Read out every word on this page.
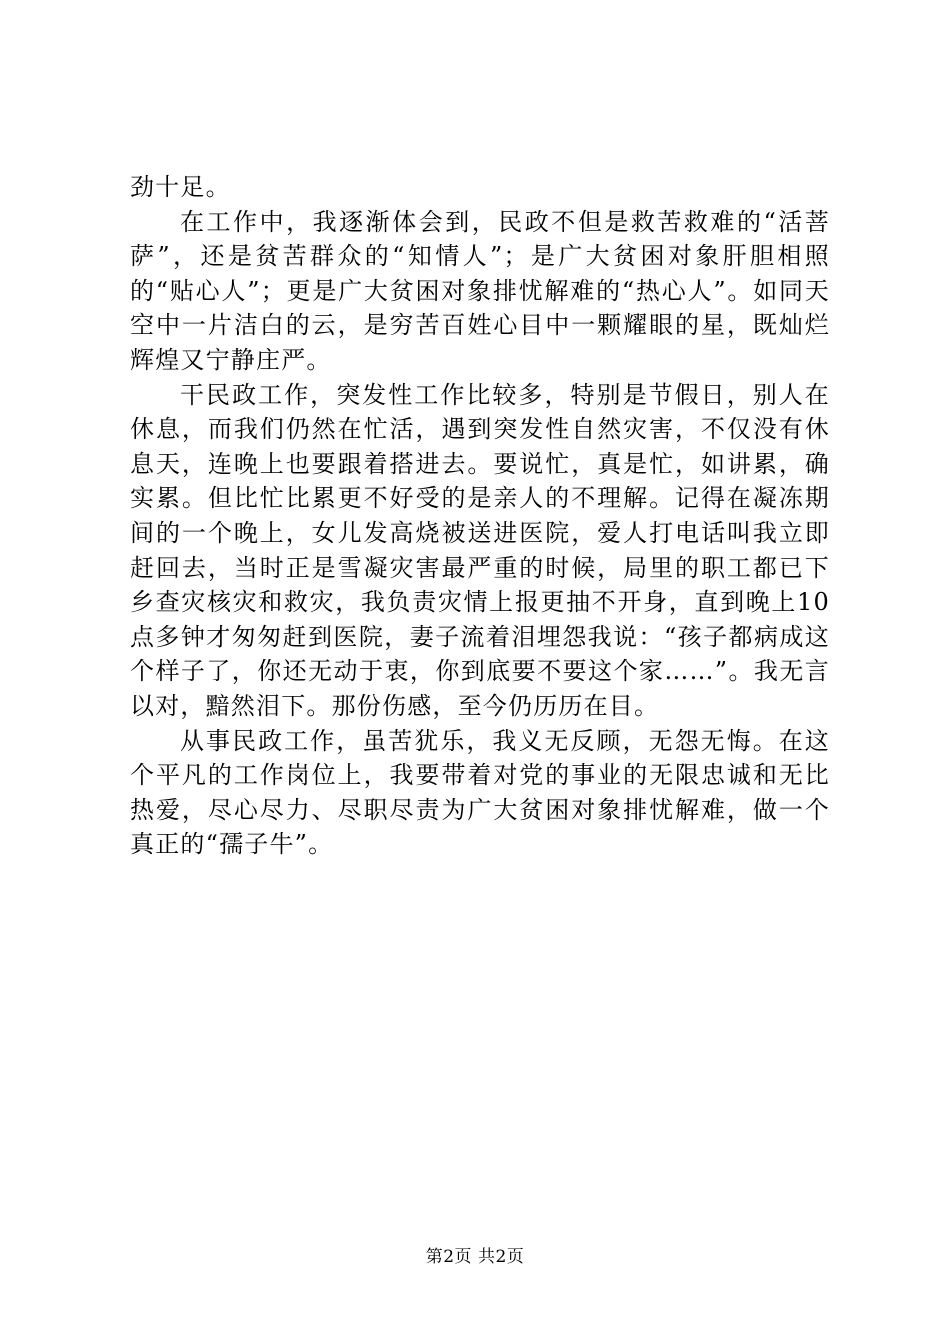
劲十足。

在工作中，我逐渐体会到，民政不但是救苦救难的“活菩萨”，还是贫苦群众的“知情人”；是广大贫困对象肝胆相照的“贴心人”；更是广大贫困对象排忧解难的“热心人”。如同天空中一片洁白的云，是穷苦百姓心目中一颗耀眼的星，既灿烂辉煌又宁静庄严。

干民政工作，突发性工作比较多，特别是节假日，别人在休息，而我们仍然在忙活，遇到突发性自然灾害，不仅没有休息天，连晚上也要跟着搭进去。要说忙，真是忙，如讲累，确实累。但比忙比累更不好受的是亲人的不理解。记得在凝冻期间的一个晚上，女儿发高烧被送进医院，爱人打电话叫我立即赶回去，当时正是雪凝灾害最严重的时候，局里的职工都已下乡查灾核灾和救灾，我负责灾情上报更抽不开身，直到晚上10点多钟才匆匆赶到医院，妻子流着泪埋怨我说：“孩子都病成这个样子了，你还无动于衷，你到底要不要这个家……”。我无言以对，黯然泪下。那份伤感，至今仍历历在目。

从事民政工作，虽苦犹乐，我义无反顾，无怨无悔。在这个平凡的工作岗位上，我要带着对党的事业的无限忠诚和无比热爱，尽心尽力、尽职尽责为广大贫困对象排忧解难，做一个真正的“孺子牛”。

第2页 共2页
